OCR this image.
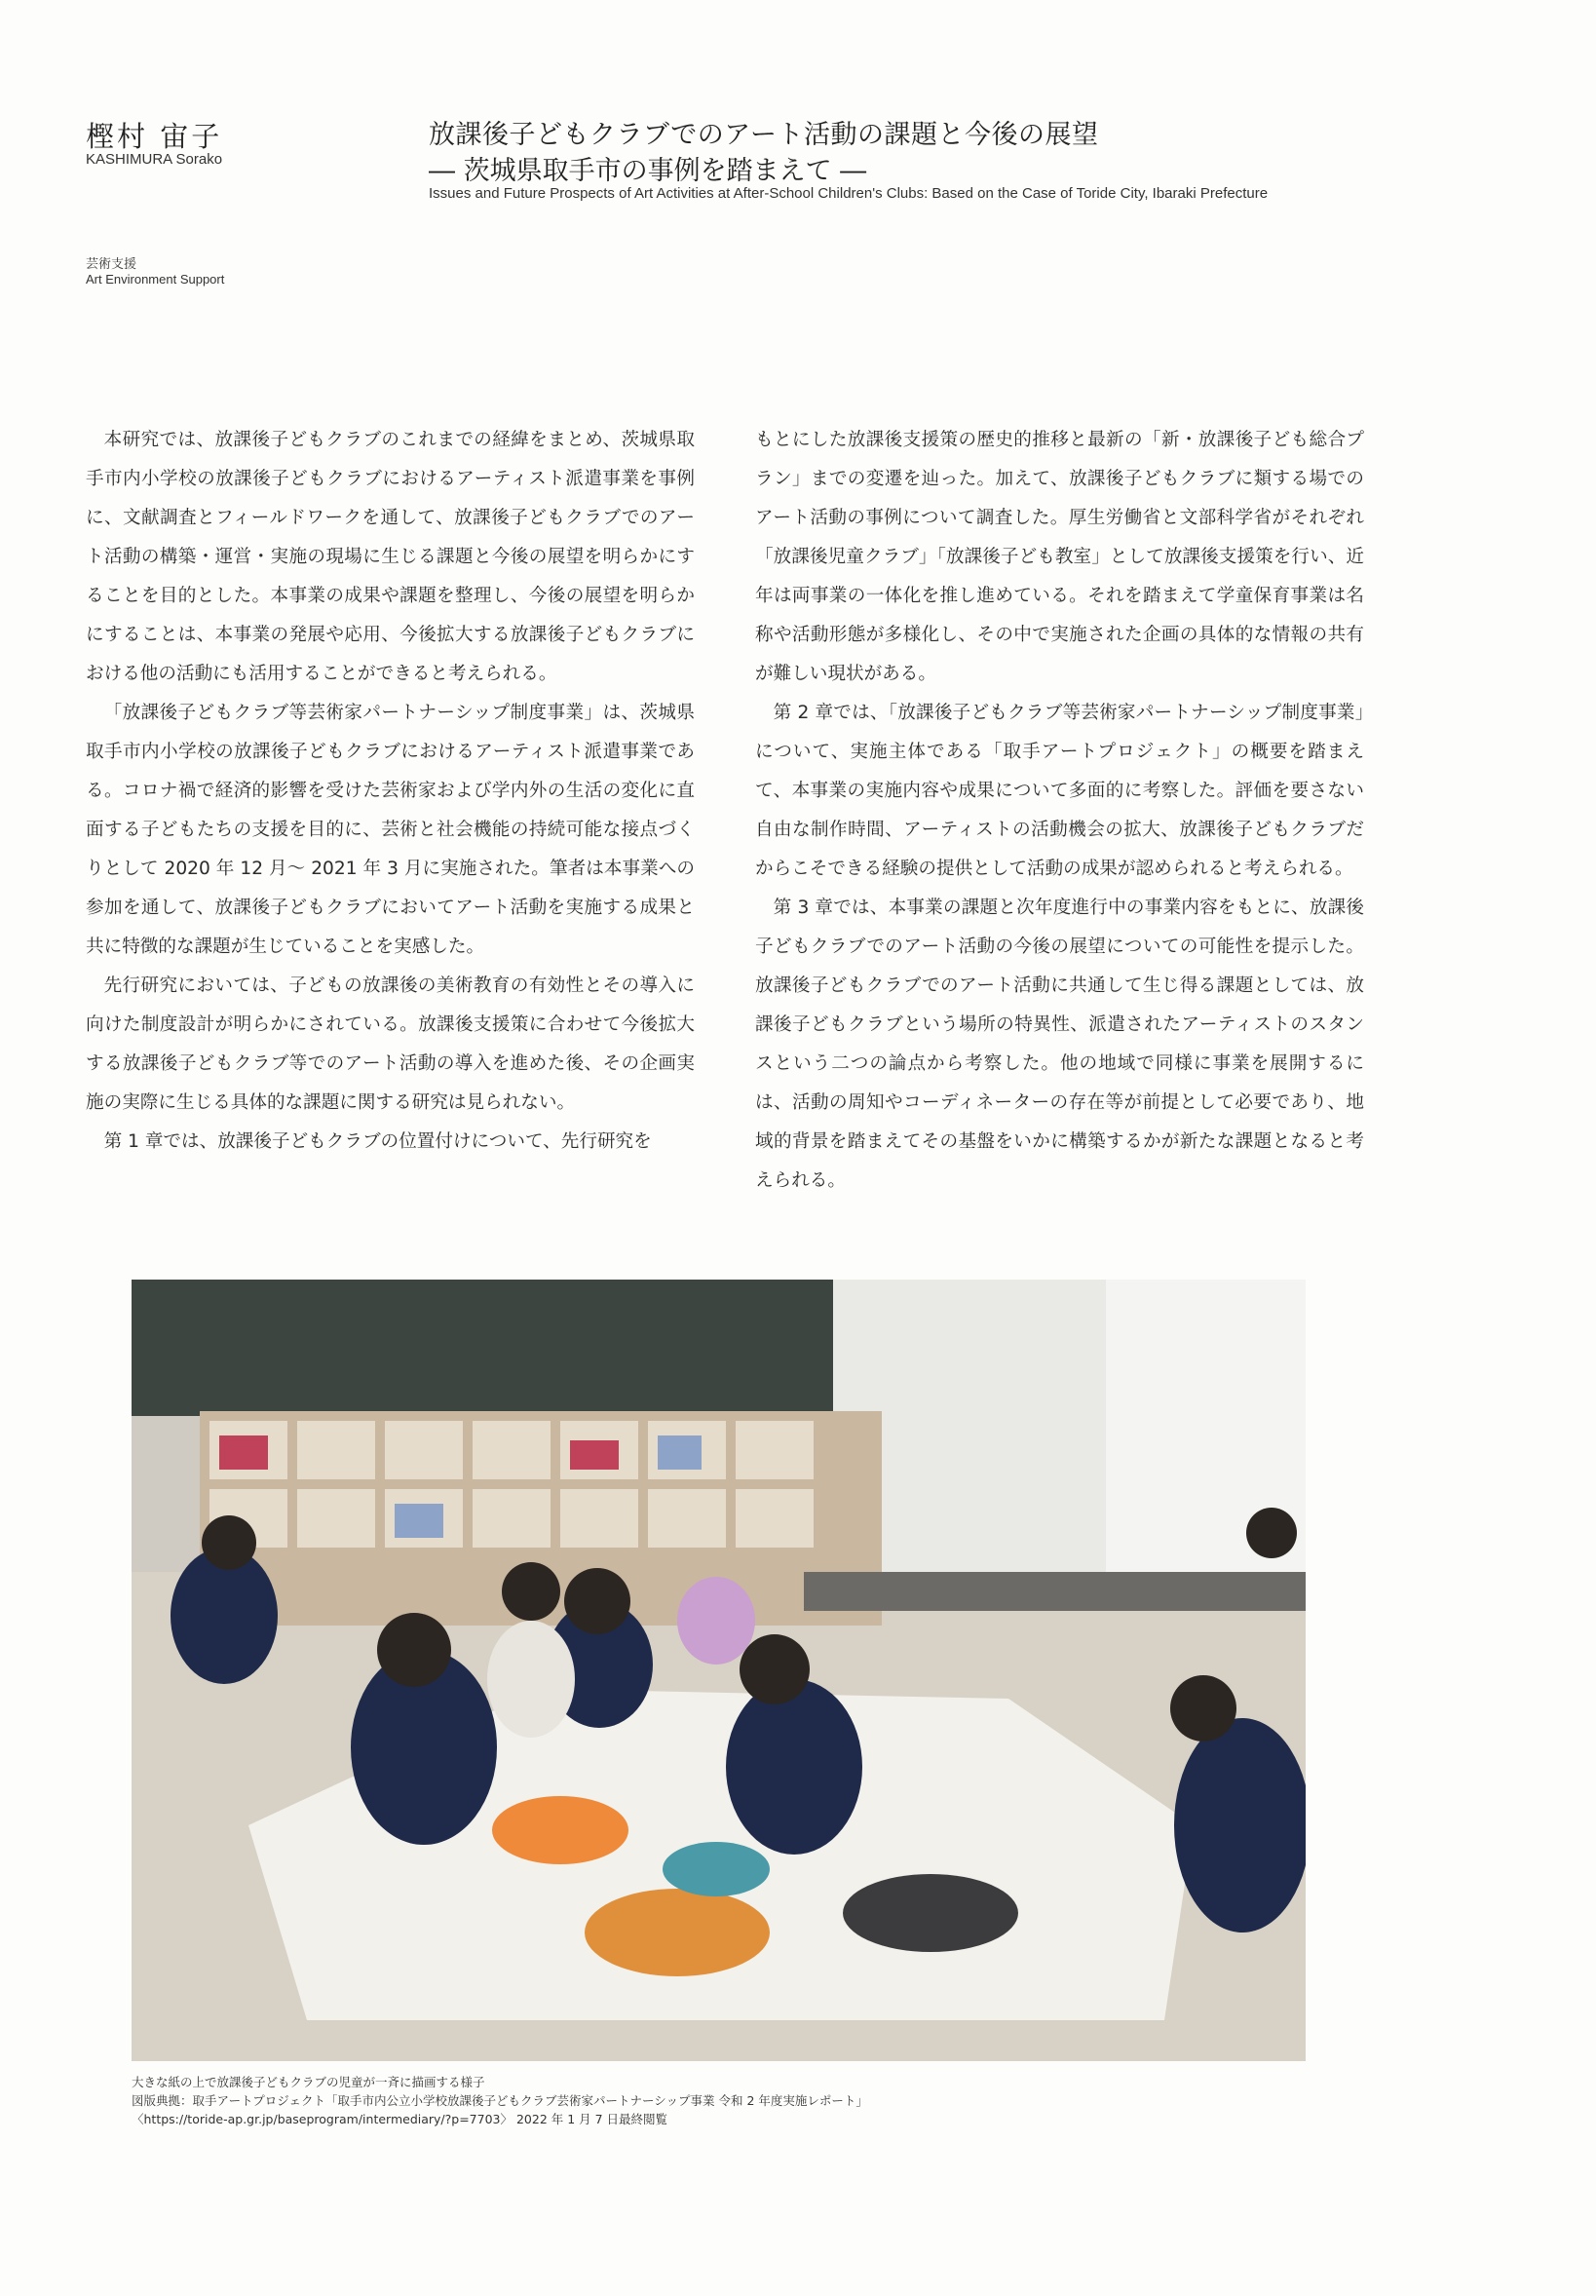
樫村 宙子
KASHIMURA Sorako
放課後子どもクラブでのアート活動の課題と今後の展望
― 茨城県取手市の事例を踏まえて ―
Issues and Future Prospects of Art Activities at After-School Children's Clubs: Based on the Case of Toride City, Ibaraki Prefecture
芸術支援
Art Environment Support

本研究では、放課後子どもクラブのこれまでの経緯をまとめ、茨城県取手市内小学校の放課後子どもクラブにおけるアーティスト派遣事業を事例に、文献調査とフィールドワークを通して、放課後子どもクラブでのアート活動の構築・運営・実施の現場に生じる課題と今後の展望を明らかにすることを目的とした。本事業の成果や課題を整理し、今後の展望を明らかにすることは、本事業の発展や応用、今後拡大する放課後子どもクラブにおける他の活動にも活用することができると考えられる。

「放課後子どもクラブ等芸術家パートナーシップ制度事業」は、茨城県取手市内小学校の放課後子どもクラブにおけるアーティスト派遣事業である。コロナ禍で経済的影響を受けた芸術家および学内外の生活の変化に直面する子どもたちの支援を目的に、芸術と社会機能の持続可能な接点づくりとして 2020 年 12 月～ 2021 年 3 月に実施された。筆者は本事業への参加を通して、放課後子どもクラブにおいてアート活動を実施する成果と共に特徴的な課題が生じていることを実感した。

先行研究においては、子どもの放課後の美術教育の有効性とその導入に向けた制度設計が明らかにされている。放課後支援策に合わせて今後拡大する放課後子どもクラブ等でのアート活動の導入を進めた後、その企画実施の実際に生じる具体的な課題に関する研究は見られない。

第 1 章では、放課後子どもクラブの位置付けについて、先行研究を

もとにした放課後支援策の歴史的推移と最新の「新・放課後子ども総合プラン」までの変遷を辿った。加えて、放課後子どもクラブに類する場でのアート活動の事例について調査した。厚生労働省と文部科学省がそれぞれ「放課後児童クラブ」「放課後子ども教室」として放課後支援策を行い、近年は両事業の一体化を推し進めている。それを踏まえて学童保育事業は名称や活動形態が多様化し、その中で実施された企画の具体的な情報の共有が難しい現状がある。

第 2 章では、「放課後子どもクラブ等芸術家パートナーシップ制度事業」について、実施主体である「取手アートプロジェクト」の概要を踏まえて、本事業の実施内容や成果について多面的に考察した。評価を要さない自由な制作時間、アーティストの活動機会の拡大、放課後子どもクラブだからこそできる経験の提供として活動の成果が認められると考えられる。

第 3 章では、本事業の課題と次年度進行中の事業内容をもとに、放課後子どもクラブでのアート活動の今後の展望についての可能性を提示した。放課後子どもクラブでのアート活動に共通して生じ得る課題としては、放課後子どもクラブという場所の特異性、派遣されたアーティストのスタンスという二つの論点から考察した。他の地域で同様に事業を展開するには、活動の周知やコーディネーターの存在等が前提として必要であり、地域的背景を踏まえてその基盤をいかに構築するかが新たな課題となると考えられる。

大きな紙の上で放課後子どもクラブの児童が一斉に描画する様子
図版典拠：取手アートプロジェクト「取手市内公立小学校放課後子どもクラブ芸術家パートナーシップ事業 令和 2 年度実施レポート」
〈https://toride-ap.gr.jp/baseprogram/intermediary/?p=7703〉 2022 年 1 月 7 日最終閲覧
